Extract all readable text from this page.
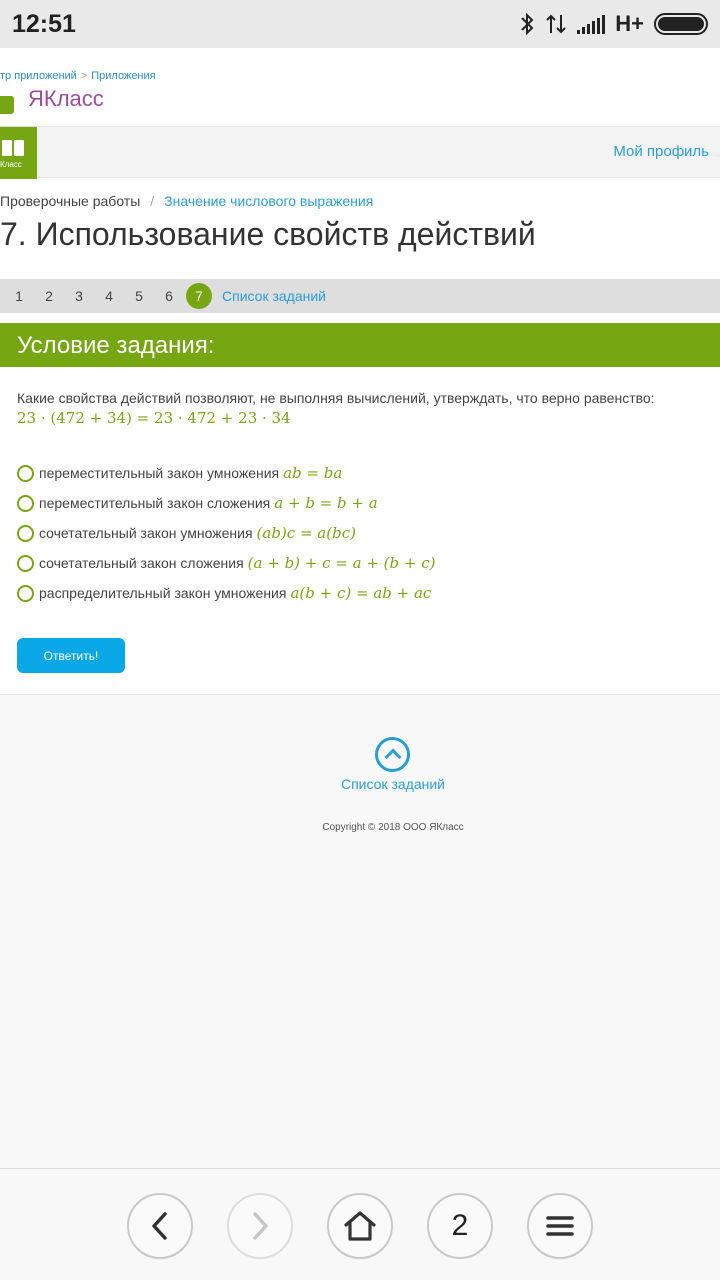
12:51	H+
тр приложений > Приложения
ЯКласс
Класс
Мой профиль
Проверочные работы / Значение числового выражения
7. Использование свойств действий
1	2	3	4	5	6	7	Список заданий
Условие задания:
Какие свойства действий позволяют, не выполняя вычислений, утверждать, что верно равенство:
23 · (472 + 34) = 23 · 472 + 23 · 34
переместительный закон умножения ab = ba
переместительный закон сложения a + b = b + a
сочетательный закон умножения (ab)c = a(bc)
сочетательный закон сложения (a + b) + c = a + (b + c)
распределительный закон умножения a(b + c) = ab + ac
Ответить!
Список заданий
Copyright © 2018 ООО ЯКласс
2
